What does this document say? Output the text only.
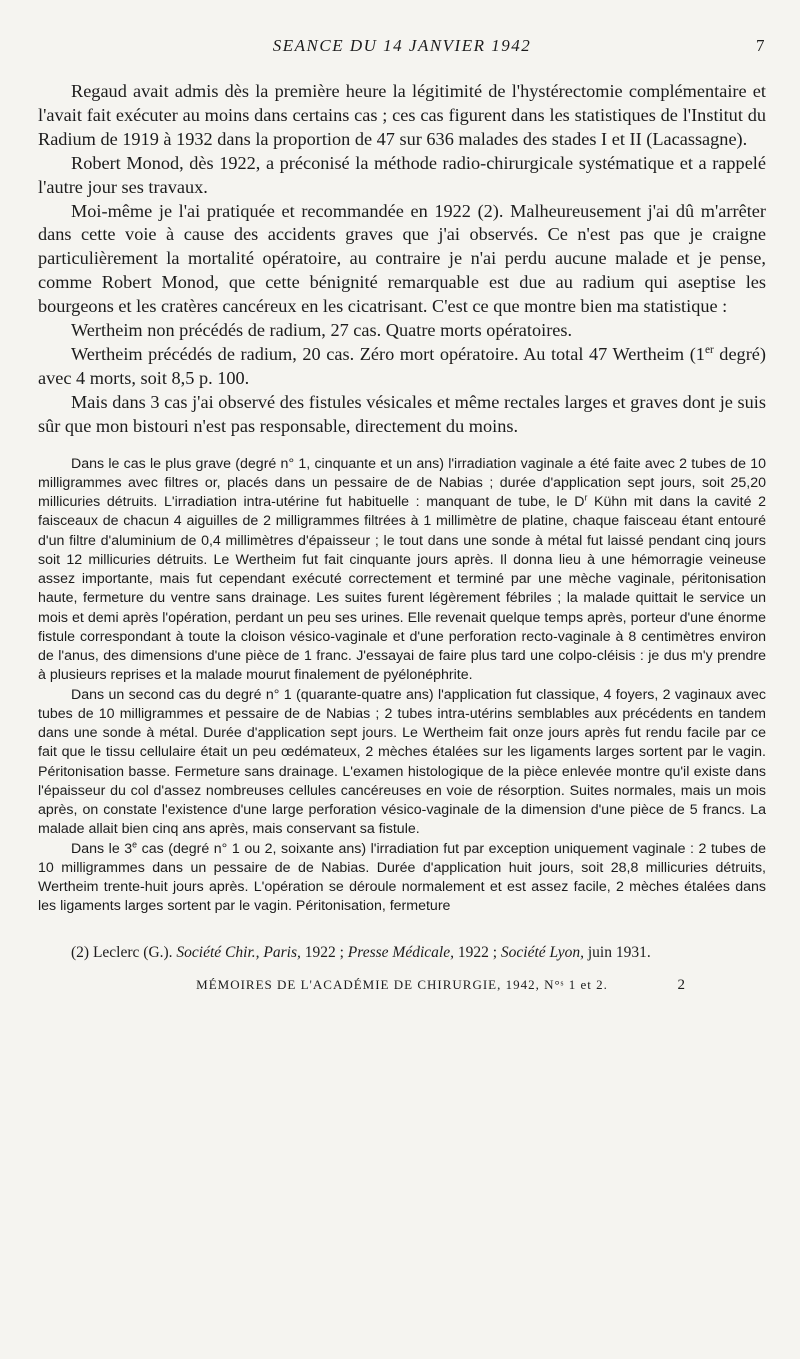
SEANCE DU 14 JANVIER 1942	7

Regaud avait admis dès la première heure la légitimité de l'hystérectomie complémentaire et l'avait fait exécuter au moins dans certains cas ; ces cas figurent dans les statistiques de l'Institut du Radium de 1919 à 1932 dans la proportion de 47 sur 636 malades des stades I et II (Lacassagne).

Robert Monod, dès 1922, a préconisé la méthode radio-chirurgicale systématique et a rappelé l'autre jour ses travaux.

Moi-même je l'ai pratiquée et recommandée en 1922 (2). Malheureusement j'ai dû m'arrêter dans cette voie à cause des accidents graves que j'ai observés. Ce n'est pas que je craigne particulièrement la mortalité opératoire, au contraire je n'ai perdu aucune malade et je pense, comme Robert Monod, que cette bénignité remarquable est due au radium qui aseptise les bourgeons et les cratères cancéreux en les cicatrisant. C'est ce que montre bien ma statistique :

Wertheim non précédés de radium, 27 cas. Quatre morts opératoires.

Wertheim précédés de radium, 20 cas. Zéro mort opératoire. Au total 47 Wertheim (1er degré) avec 4 morts, soit 8,5 p. 100.

Mais dans 3 cas j'ai observé des fistules vésicales et même rectales larges et graves dont je suis sûr que mon bistouri n'est pas responsable, directement du moins.

Dans le cas le plus grave (degré n° 1, cinquante et un ans) l'irradiation vaginale a été faite avec 2 tubes de 10 milligrammes avec filtres or, placés dans un pessaire de de Nabias ; durée d'application sept jours, soit 25,20 millicuries détruits. L'irradiation intra-utérine fut habituelle : manquant de tube, le $D^r$ Kühn mit dans la cavité 2 faisceaux de chacun 4 aiguilles de 2 milligrammes filtrées à 1 millimètre de platine, chaque faisceau étant entouré d'un filtre d'aluminium de 0,4 millimètres d'épaisseur ; le tout dans une sonde à métal fut laissé pendant cinq jours soit 12 millicuries détruits. Le Wertheim fut fait cinquante jours après. Il donna lieu à une hémorragie veineuse assez importante, mais fut cependant exécuté correctement et terminé par une mèche vaginale, péritonisation haute, fermeture du ventre sans drainage. Les suites furent légèrement fébriles ; la malade quittait le service un mois et demi après l'opération, perdant un peu ses urines. Elle revenait quelque temps après, porteur d'une énorme fistule correspondant à toute la cloison vésico-vaginale et d'une perforation recto-vaginale à 8 centimètres environ de l'anus, des dimensions d'une pièce de 1 franc. J'essayai de faire plus tard une colpo-cléisis : je dus m'y prendre à plusieurs reprises et la malade mourut finalement de pyélonéphrite.

Dans un second cas du degré n° 1 (quarante-quatre ans) l'application fut classique, 4 foyers, 2 vaginaux avec tubes de 10 milligrammes et pessaire de de Nabias ; 2 tubes intra-utérins semblables aux précédents en tandem dans une sonde à métal. Durée d'application sept jours. Le Wertheim fait onze jours après fut rendu facile par ce fait que le tissu cellulaire était un peu œdémateux, 2 mèches étalées sur les ligaments larges sortent par le vagin. Péritonisation basse. Fermeture sans drainage. L'examen histologique de la pièce enlevée montre qu'il existe dans l'épaisseur du col d'assez nombreuses cellules cancéreuses en voie de résorption. Suites normales, mais un mois après, on constate l'existence d'une large perforation vésico-vaginale de la dimension d'une pièce de 5 francs. La malade allait bien cinq ans après, mais conservant sa fistule.

Dans le 3e cas (degré n° 1 ou 2, soixante ans) l'irradiation fut par exception uniquement vaginale : 2 tubes de 10 milligrammes dans un pessaire de de Nabias. Durée d'application huit jours, soit 28,8 millicuries détruits, Wertheim trente-huit jours après. L'opération se déroule normalement et est assez facile, 2 mèches étalées dans les ligaments larges sortent par le vagin. Péritonisation, fermeture

(2) Leclerc (G.). Société Chir., Paris, 1922 ; Presse Médicale, 1922 ; Société Lyon, juin 1931.

MÉMOIRES DE L'ACADÉMIE DE CHIRURGIE, 1942, N°ˢ 1 et 2.	2
